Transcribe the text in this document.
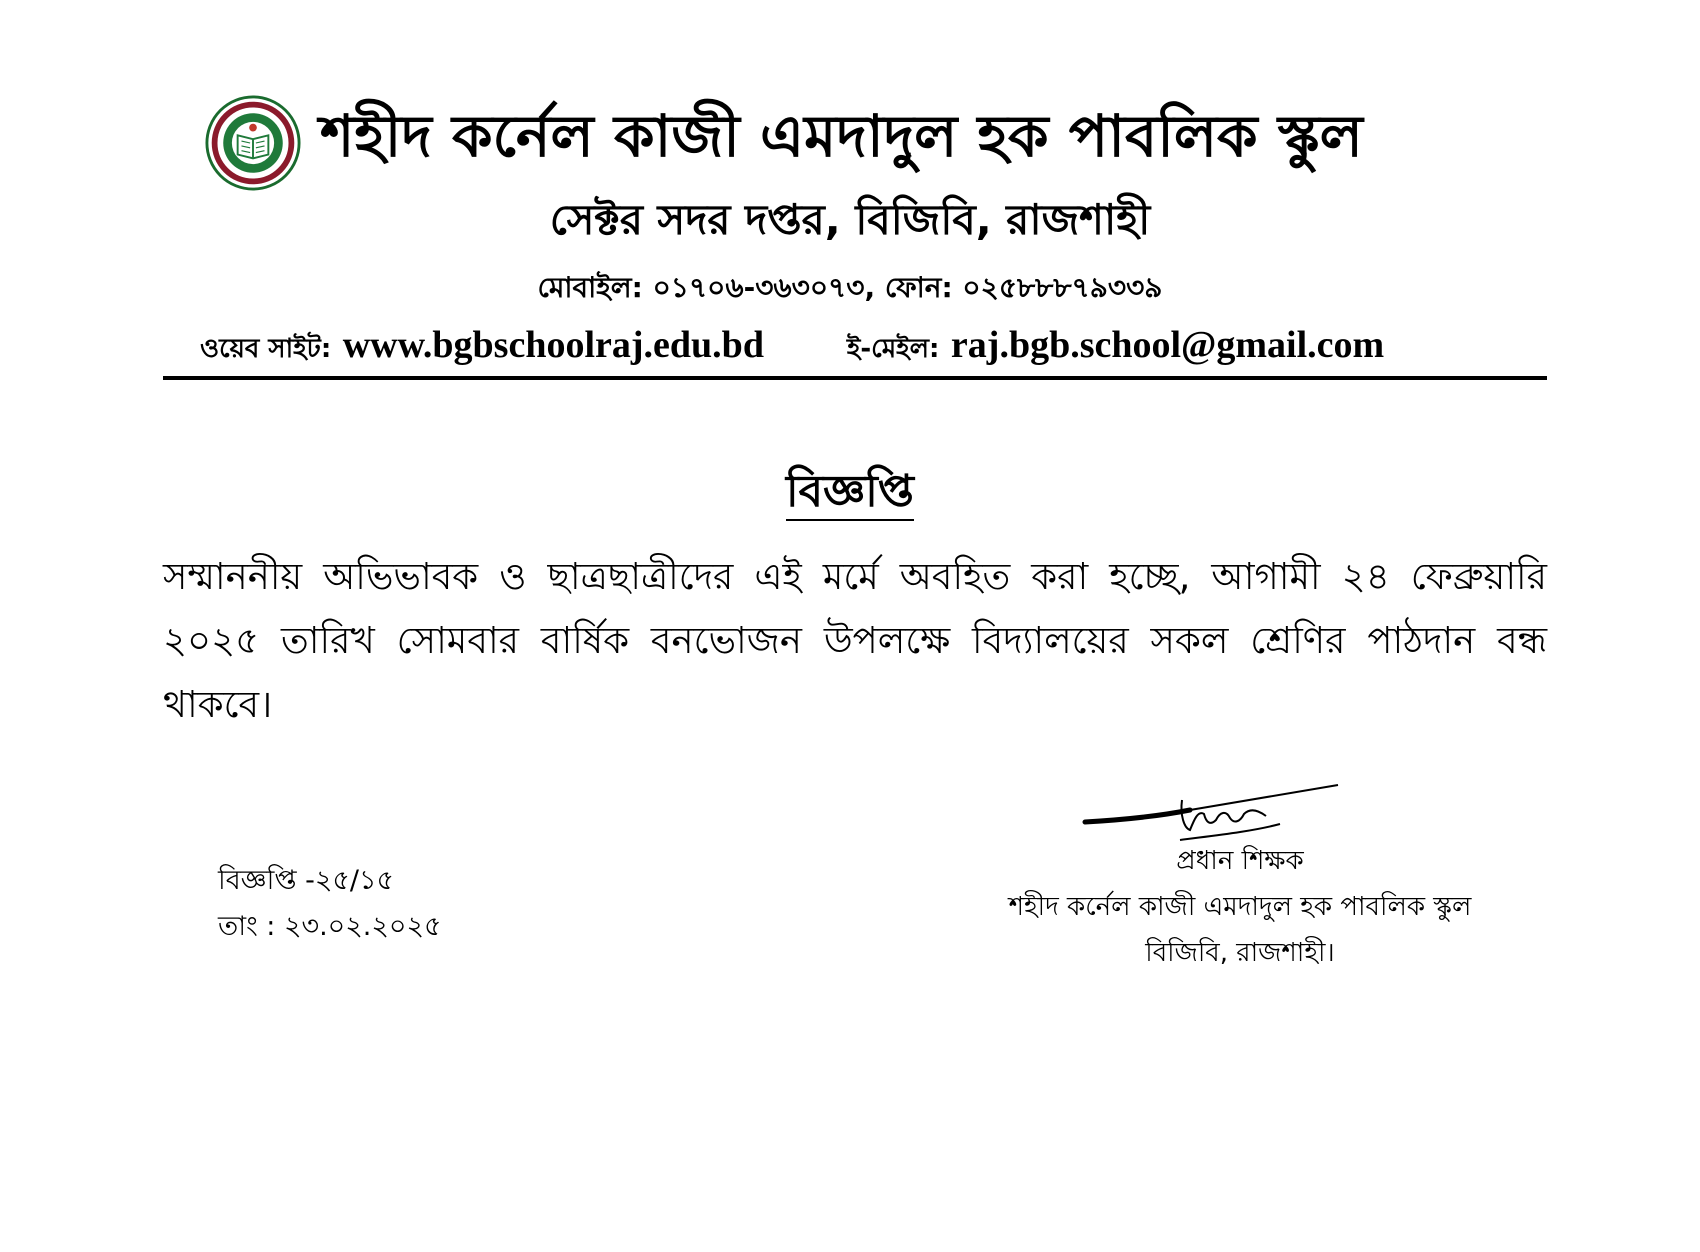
শহীদ কর্নেল কাজী এমদাদুল হক পাবলিক স্কুল
সেক্টর সদর দপ্তর, বিজিবি, রাজশাহী
মোবাইল: ০১৭০৬-৩৬৩০৭৩, ফোন: ০২৫৮৮৮৭৯৩৩৯
ওয়েব সাইট: www.bgbschoolraj.edu.bd	ই-মেইল: raj.bgb.school@gmail.com
বিজ্ঞপ্তি
সম্মাননীয় অভিভাবক ও ছাত্রছাত্রীদের এই মর্মে অবহিত করা হচ্ছে, আগামী ২৪ ফেব্রুয়ারি ২০২৫ তারিখ সোমবার বার্ষিক বনভোজন উপলক্ষে বিদ্যালয়ের সকল শ্রেণির পাঠদান বন্ধ থাকবে।
বিজ্ঞপ্তি -২৫/১৫
তাং : ২৩.০২.২০২৫
প্রধান শিক্ষক
শহীদ কর্নেল কাজী এমদাদুল হক পাবলিক স্কুল
বিজিবি, রাজশাহী।
